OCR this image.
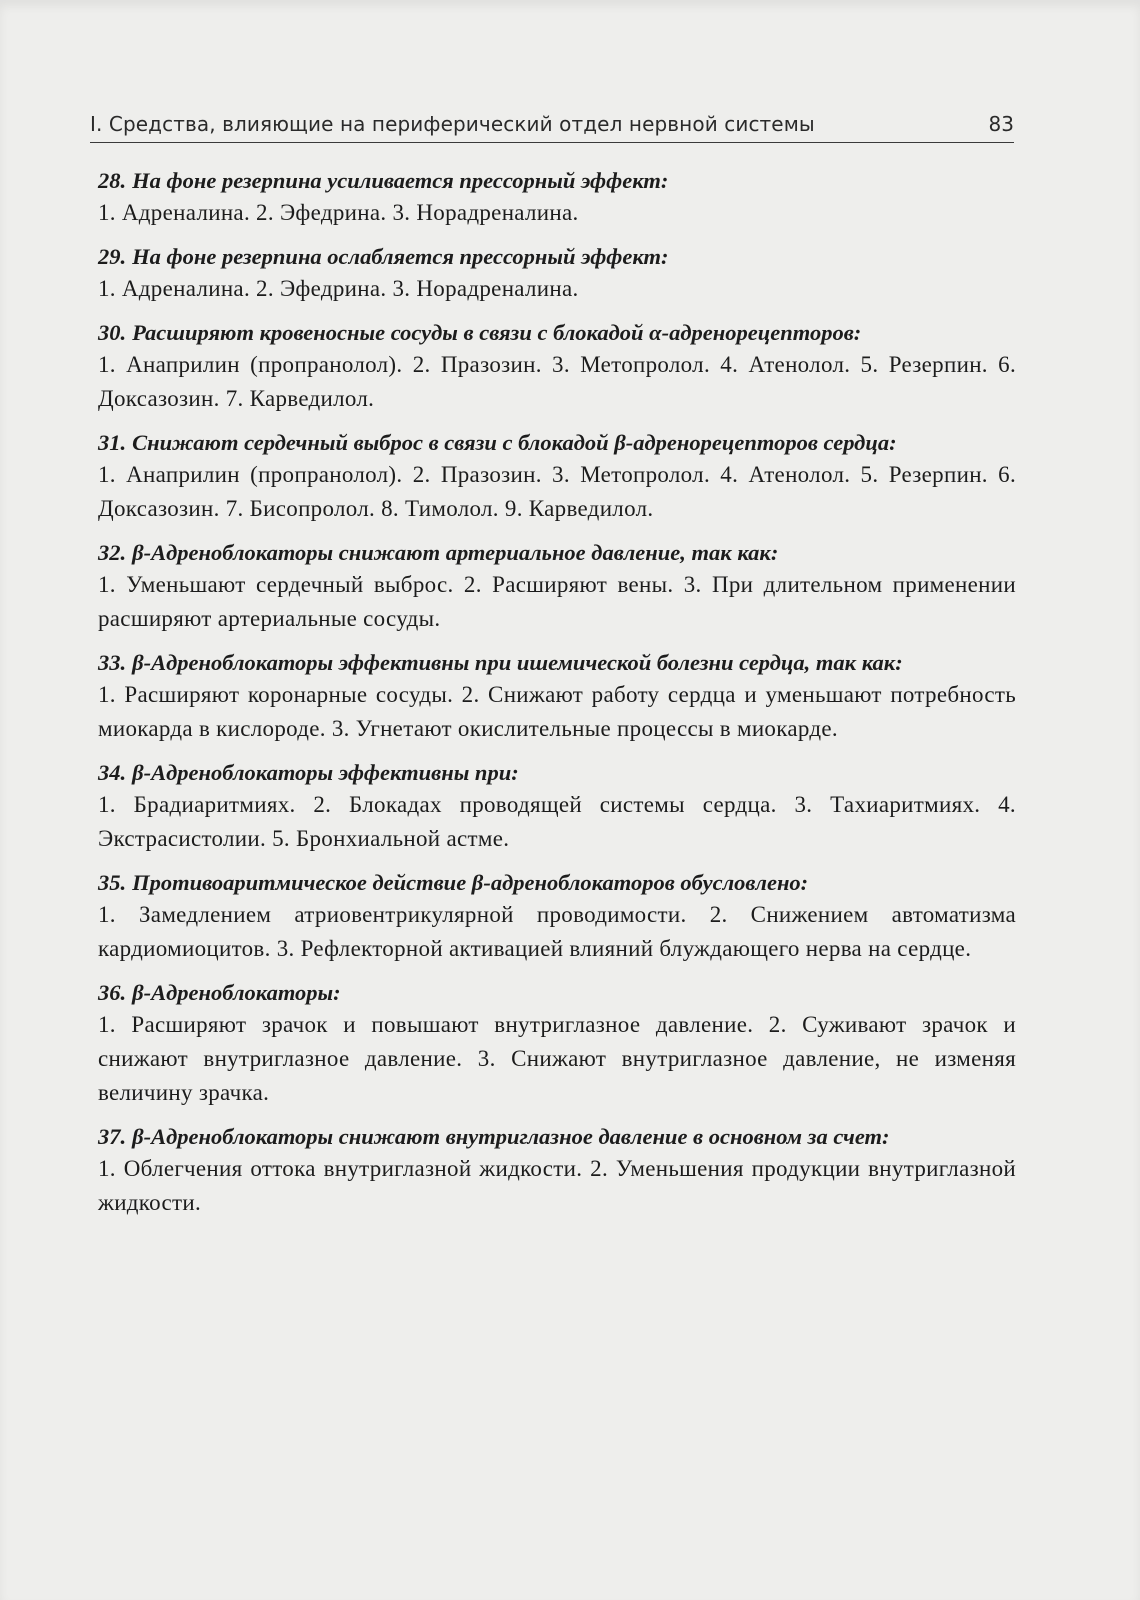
I. Средства, влияющие на периферический отдел нервной системы	83
28. На фоне резерпина усиливается прессорный эффект:
1. Адреналина. 2. Эфедрина. 3. Норадреналина.
29. На фоне резерпина ослабляется прессорный эффект:
1. Адреналина. 2. Эфедрина. 3. Норадреналина.
30. Расширяют кровеносные сосуды в связи с блокадой α-адренорецепторов:
1. Анаприлин (пропранолол). 2. Празозин. 3. Метопролол. 4. Атенолол. 5. Резерпин. 6. Доксазозин. 7. Карведилол.
31. Снижают сердечный выброс в связи с блокадой β-адренорецепторов сердца:
1. Анаприлин (пропранолол). 2. Празозин. 3. Метопролол. 4. Атенолол. 5. Резерпин. 6. Доксазозин. 7. Бисопролол. 8. Тимолол. 9. Карведилол.
32. β-Адреноблокаторы снижают артериальное давление, так как:
1. Уменьшают сердечный выброс. 2. Расширяют вены. 3. При длительном применении расширяют артериальные сосуды.
33. β-Адреноблокаторы эффективны при ишемической болезни сердца, так как:
1. Расширяют коронарные сосуды. 2. Снижают работу сердца и уменьшают потребность миокарда в кислороде. 3. Угнетают окислительные процессы в миокарде.
34. β-Адреноблокаторы эффективны при:
1. Брадиаритмиях. 2. Блокадах проводящей системы сердца. 3. Тахиаритмиях. 4. Экстрасистолии. 5. Бронхиальной астме.
35. Противоаритмическое действие β-адреноблокаторов обусловлено:
1. Замедлением атриовентрикулярной проводимости. 2. Снижением автоматизма кардиомиоцитов. 3. Рефлекторной активацией влияний блуждающего нерва на сердце.
36. β-Адреноблокаторы:
1. Расширяют зрачок и повышают внутриглазное давление. 2. Суживают зрачок и снижают внутриглазное давление. 3. Снижают внутриглазное давление, не изменяя величину зрачка.
37. β-Адреноблокаторы снижают внутриглазное давление в основном за счет:
1. Облегчения оттока внутриглазной жидкости. 2. Уменьшения продукции внутриглазной жидкости.
